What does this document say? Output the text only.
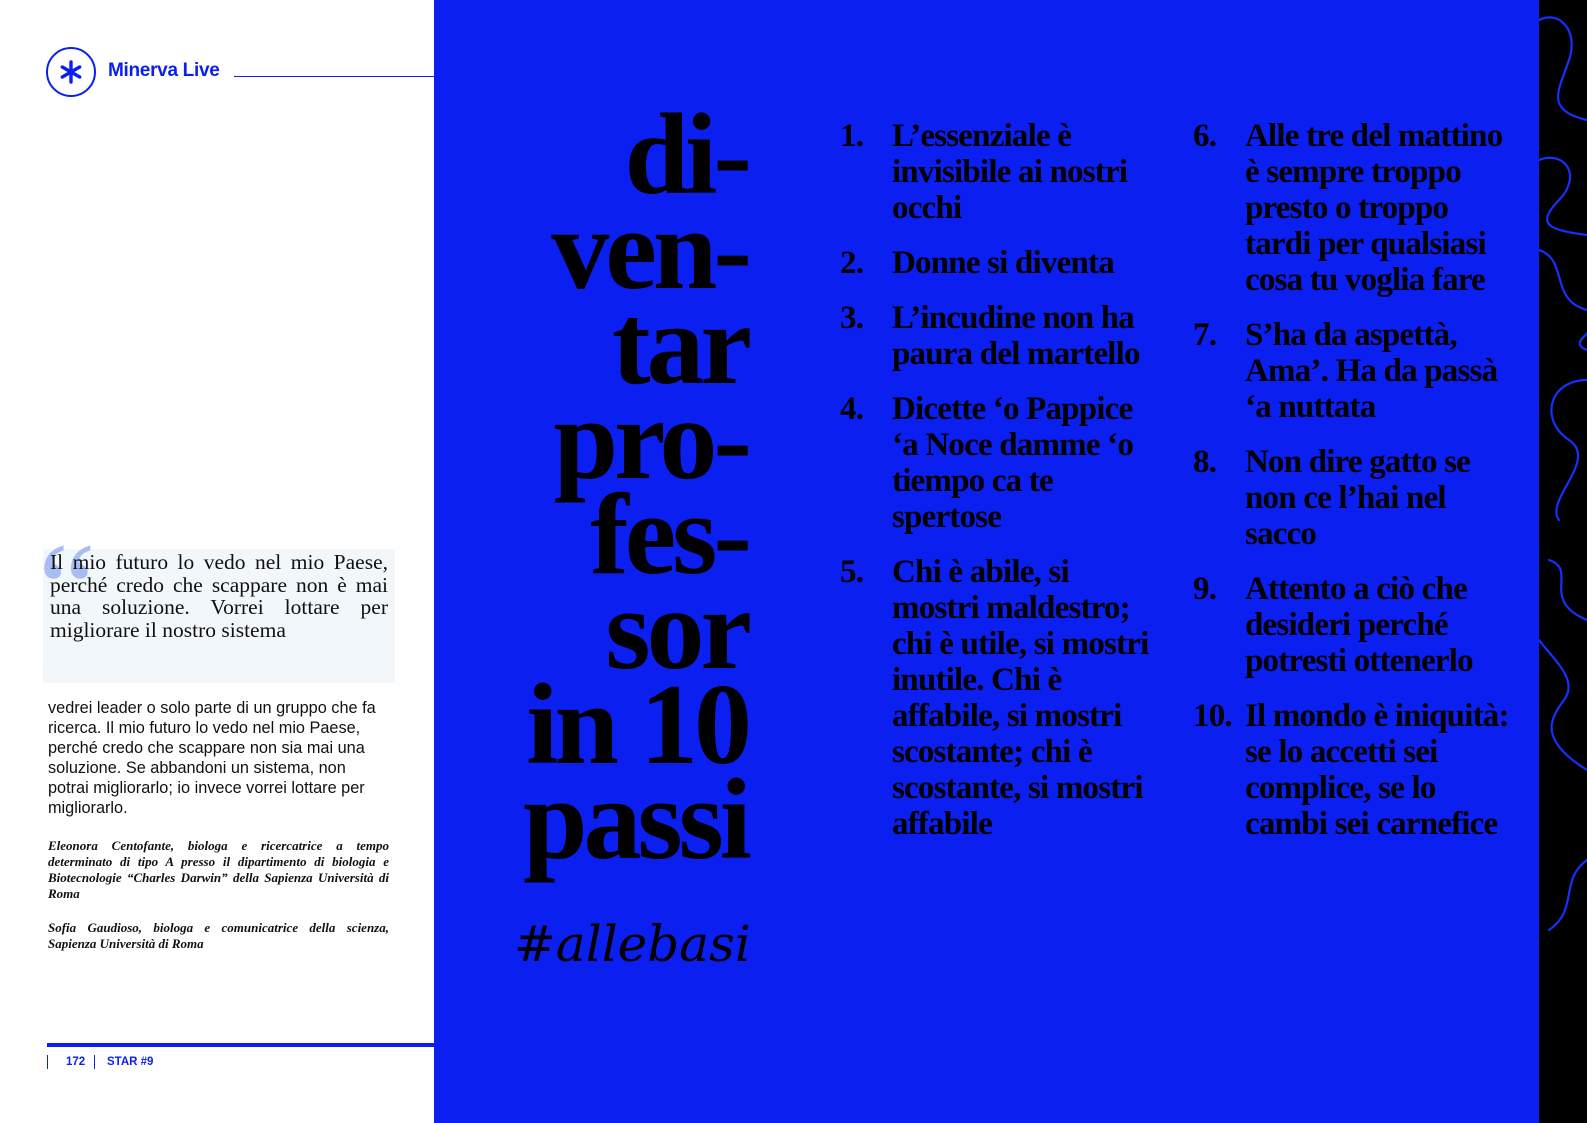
Minerva Live
“

Il mio futuro lo vedo nel mio Paese, perché credo che scappare non è mai una soluzione. Vorrei lottare per migliorare il nostro sistema

vedrei leader o solo parte di un gruppo che fa ricerca. Il mio futuro lo vedo nel mio Paese, perché credo che scappare non sia mai una soluzione. Se abbandoni un sistema, non potrai migliorarlo; io invece vorrei lottare per migliorarlo.

Eleonora Centofante, biologa e ricercatrice a tempo determinato di tipo A presso il dipartimento di biologia e Biotecnologie “Charles Darwin” della Sapienza Università di Roma

Sofia Gaudioso, biologa e comunicatrice della scienza, Sapienza Università di Roma

172 STAR #9
di-
ven-
tar
pro-
fes-
sor
in 10
passi
#allebasi
1. L’essenziale è invisibile ai nostri occhi
2. Donne si diventa
3. L’incudine non ha paura del martello
4. Dicette ‘o Pappice ‘a Noce damme ‘o tiempo ca te spertose
5. Chi è abile, si mostri maldestro; chi è utile, si mostri inutile. Chi è affabile, si mostri scostante; chi è scostante, si mostri affabile
6. Alle tre del mattino è sempre troppo presto o troppo tardi per qualsiasi cosa tu voglia fare
7. S’ha da aspettà, Ama’. Ha da passà ‘a nuttata
8. Non dire gatto se non ce l’hai nel sacco
9. Attento a ciò che desideri perché potresti ottenerlo
10. Il mondo è iniquità: se lo accetti sei complice, se lo cambi sei carnefice
